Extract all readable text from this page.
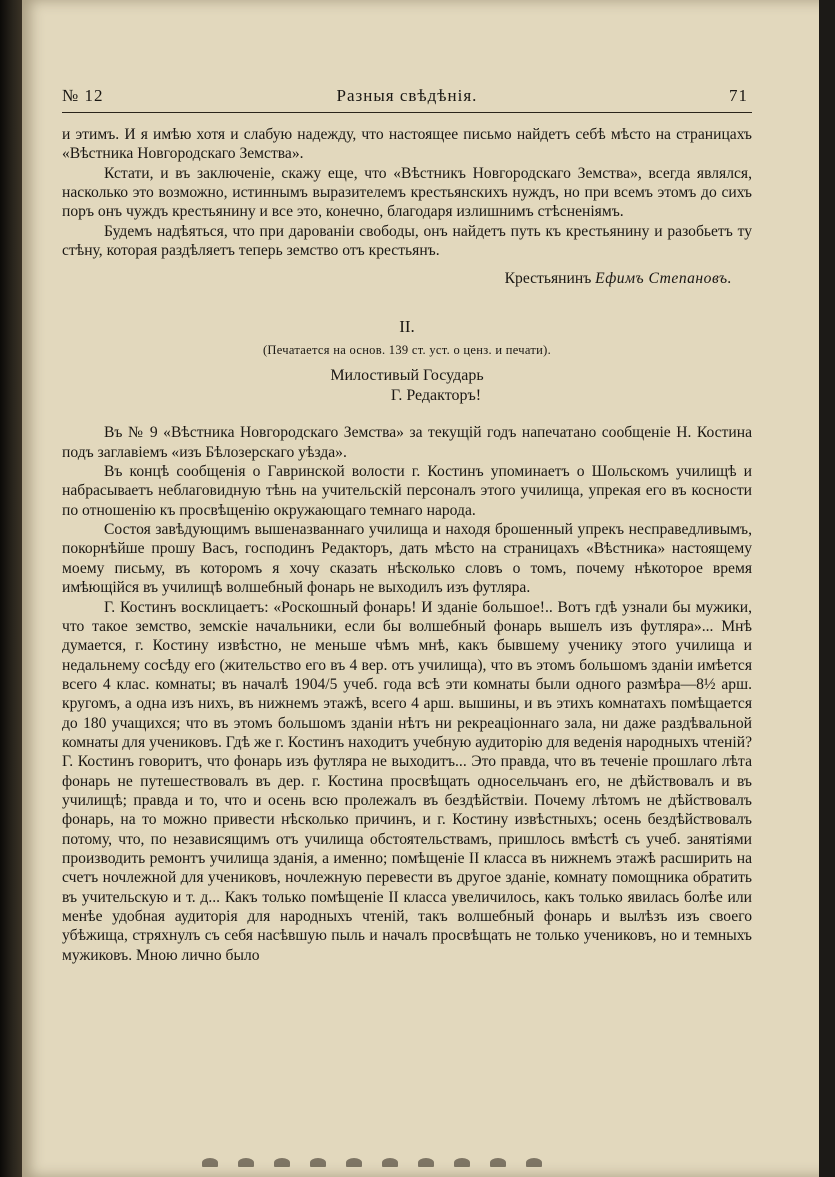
Разныя свѣдѣнія.
№ 12	71

и этимъ. И я имѣю хотя и слабую надежду, что настоящее письмо найдетъ себѣ мѣсто на страницахъ «Вѣстника Новгородскаго Земства».

Кстати, и въ заключеніе, скажу еще, что «Вѣстникъ Новгородскаго Земства», всегда являлся, насколько это возможно, истиннымъ выразителемъ крестьянскихъ нуждъ, но при всемъ этомъ до сихъ поръ онъ чуждъ крестьянину и все это, конечно, благодаря излишнимъ стѣсненіямъ.

Будемъ надѣяться, что при дарованіи свободы, онъ найдетъ путь къ крестьянину и разобьетъ ту стѣну, которая раздѣляетъ теперь земство отъ крестьянъ.

Крестьянинъ Ефимъ Степановъ.
II.
(Печатается на основ. 139 ст. уст. о ценз. и печати).
Милостивый Государь
Г. Редакторъ!

Въ № 9 «Вѣстника Новгородскаго Земства» за текущій годъ напечатано сообщеніе Н. Костина подъ заглавіемъ «изъ Бѣлозерскаго уѣзда».

Въ концѣ сообщенія о Гавринской волости г. Костинъ упоминаетъ о Шольскомъ училищѣ и набрасываетъ неблаговидную тѣнь на учительскій персоналъ этого училища, упрекая его въ косности по отношенію къ просвѣщенію окружающаго темнаго народа.

Состоя завѣдующимъ вышеназваннаго училища и находя брошенный упрекъ несправедливымъ, покорнѣйше прошу Васъ, господинъ Редакторъ, дать мѣсто на страницахъ «Вѣстника» настоящему моему письму, въ которомъ я хочу сказать нѣсколько словъ о томъ, почему нѣкоторое время имѣющійся въ училищѣ волшебный фонарь не выходилъ изъ футляра.

Г. Костинъ восклицаетъ: «Роскошный фонарь! И зданіе большое!.. Вотъ гдѣ узнали бы мужики, что такое земство, земскіе начальники, если бы волшебный фонарь вышелъ изъ футляра»... Мнѣ думается, г. Костину извѣстно, не меньше чѣмъ мнѣ, какъ бывшему ученику этого училища и недальнему сосѣду его (жительство его въ 4 вер. отъ училища), что въ этомъ большомъ зданіи имѣется всего 4 клас. комнаты; въ началѣ 1904/5 учеб. года всѣ эти комнаты были одного размѣра—8½ арш. кругомъ, а одна изъ нихъ, въ нижнемъ этажѣ, всего 4 арш. вышины, и въ этихъ комнатахъ помѣщается до 180 учащихся; что въ этомъ большомъ зданіи нѣтъ ни рекреаціоннаго зала, ни даже раздѣвальной комнаты для учениковъ. Гдѣ же г. Костинъ находитъ учебную аудиторію для веденія народныхъ чтеній? Г. Костинъ говоритъ, что фонарь изъ футляра не выходитъ... Это правда, что въ теченіе прошлаго лѣта фонарь не путешествовалъ въ дер. г. Костина просвѣщать односельчанъ его, не дѣйствовалъ и въ училищѣ; правда и то, что и осень всю пролежалъ въ бездѣйствіи. Почему лѣтомъ не дѣйствовалъ фонарь, на то можно привести нѣсколько причинъ, и г. Костину извѣстныхъ; осень бездѣйствовалъ потому, что, по независящимъ отъ училища обстоятельствамъ, пришлось вмѣстѣ съ учеб. занятіями производить ремонтъ училища зданія, а именно; помѣщеніе II класса въ нижнемъ этажѣ расширить на счетъ ночлежной для учениковъ, ночлежную перевести въ другое зданіе, комнату помощника обратить въ учительскую и т. д... Какъ только помѣщеніе II класса увеличилось, какъ только явилась болѣе или менѣе удобная аудиторія для народныхъ чтеній, такъ волшебный фонарь и вылѣзъ изъ своего убѣжища, стряхнулъ съ себя насѣвшую пыль и началъ просвѣщать не только учениковъ, но и темныхъ мужиковъ. Мною лично было
